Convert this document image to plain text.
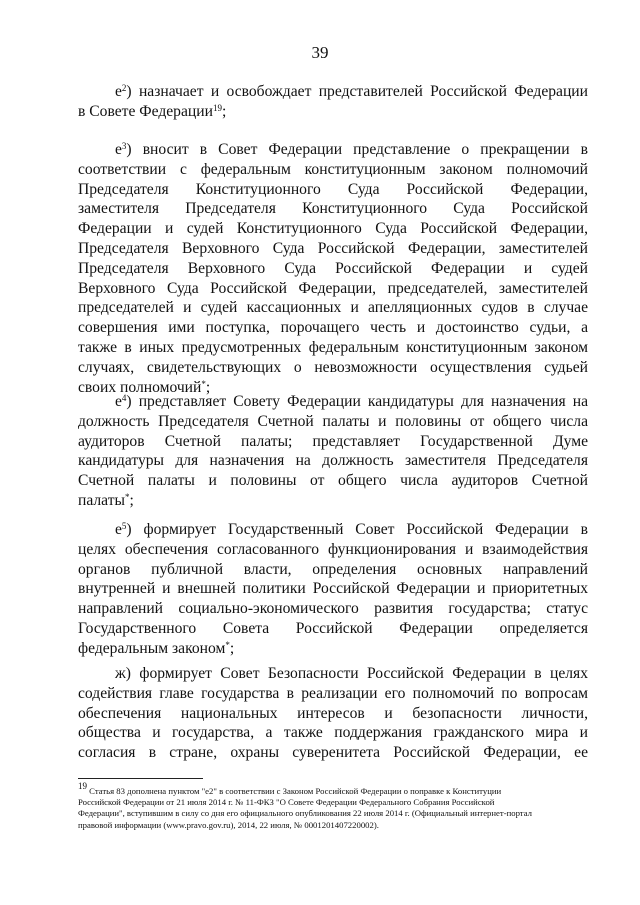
39
$е^2$) назначает и освобождает представителей Российской Федерации
в Совете Федерации$^{19}$;
$е^3$) вносит в Совет Федерации представление о прекращении в
соответствии с федеральным конституционным законом полномочий
Председателя Конституционного Суда Российской Федерации,
заместителя Председателя Конституционного Суда Российской
Федерации и судей Конституционного Суда Российской Федерации,
Председателя Верховного Суда Российской Федерации, заместителей
Председателя Верховного Суда Российской Федерации и судей
Верховного Суда Российской Федерации, председателей, заместителей
председателей и судей кассационных и апелляционных судов в случае
совершения ими поступка, порочащего честь и достоинство судьи, а
также в иных предусмотренных федеральным конституционным законом
случаях, свидетельствующих о невозможности осуществления судьей
своих полномочий*;
$е^4$) представляет Совету Федерации кандидатуры для назначения на
должность Председателя Счетной палаты и половины от общего числа
аудиторов Счетной палаты; представляет Государственной Думе
кандидатуры для назначения на должность заместителя Председателя
Счетной палаты и половины от общего числа аудиторов Счетной
палаты*;
$е^5$) формирует Государственный Совет Российской Федерации в
целях обеспечения согласованного функционирования и взаимодействия
органов публичной власти, определения основных направлений
внутренней и внешней политики Российской Федерации и приоритетных
направлений социально-экономического развития государства; статус
Государственного Совета Российской Федерации определяется
федеральным законом*;
ж) формирует Совет Безопасности Российской Федерации в целях
содействия главе государства в реализации его полномочий по вопросам
обеспечения национальных интересов и безопасности личности,
общества и государства, а также поддержания гражданского мира и
согласия в стране, охраны суверенитета Российской Федерации, ее
$^{19}$ Статья 83 дополнена пунктом "е2" в соответствии с Законом Российской Федерации о поправке к Конституции
Российской Федерации от 21 июля 2014 г. № 11-ФКЗ "О Совете Федерации Федерального Собрания Российской
Федерации", вступившим в силу со дня его официального опубликования 22 июля 2014 г. (Официальный интернет-портал
правовой информации (www.pravo.gov.ru), 2014, 22 июля, № 0001201407220002).
